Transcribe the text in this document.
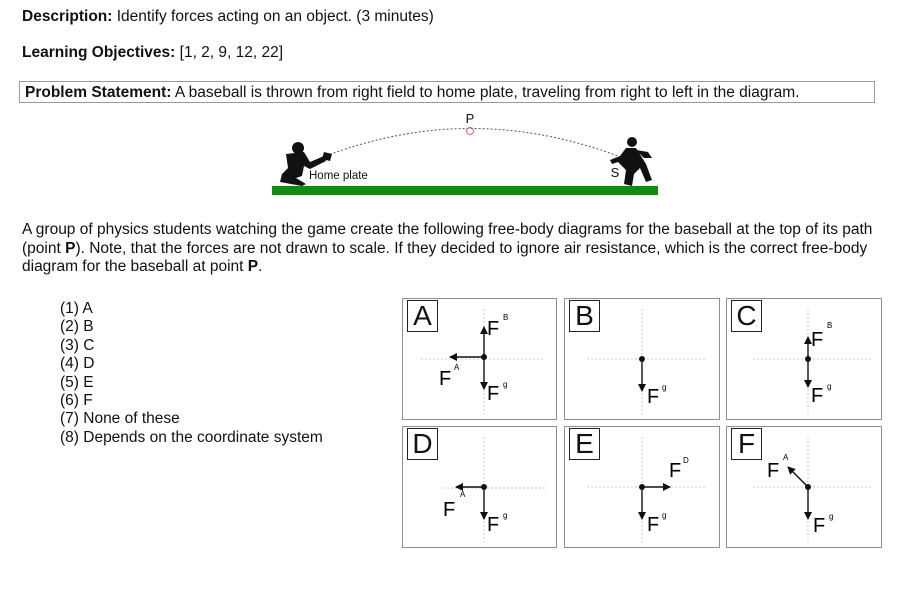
Description: Identify forces acting on an object. (3 minutes)
Learning Objectives: [1, 2, 9, 12, 22]
Problem Statement: A baseball is thrown from right field to home plate, traveling from right to left in the diagram.
P
S
Home plate
A group of physics students watching the game create the following free-body diagrams for the baseball at the top of its path (point P). Note, that the forces are not drawn to scale. If they decided to ignore air resistance, which is the correct free-body diagram for the baseball at point P.
(1) A
(2) B
(3) C
(4) D
(5) E
(6) F
(7) None of these
(8) Depends on the coordinate system
F
B
F
A
F g
A
F g
B
F
B
F g
C
F
A
F g
D
F D
F g
E
F
A
F g
F
